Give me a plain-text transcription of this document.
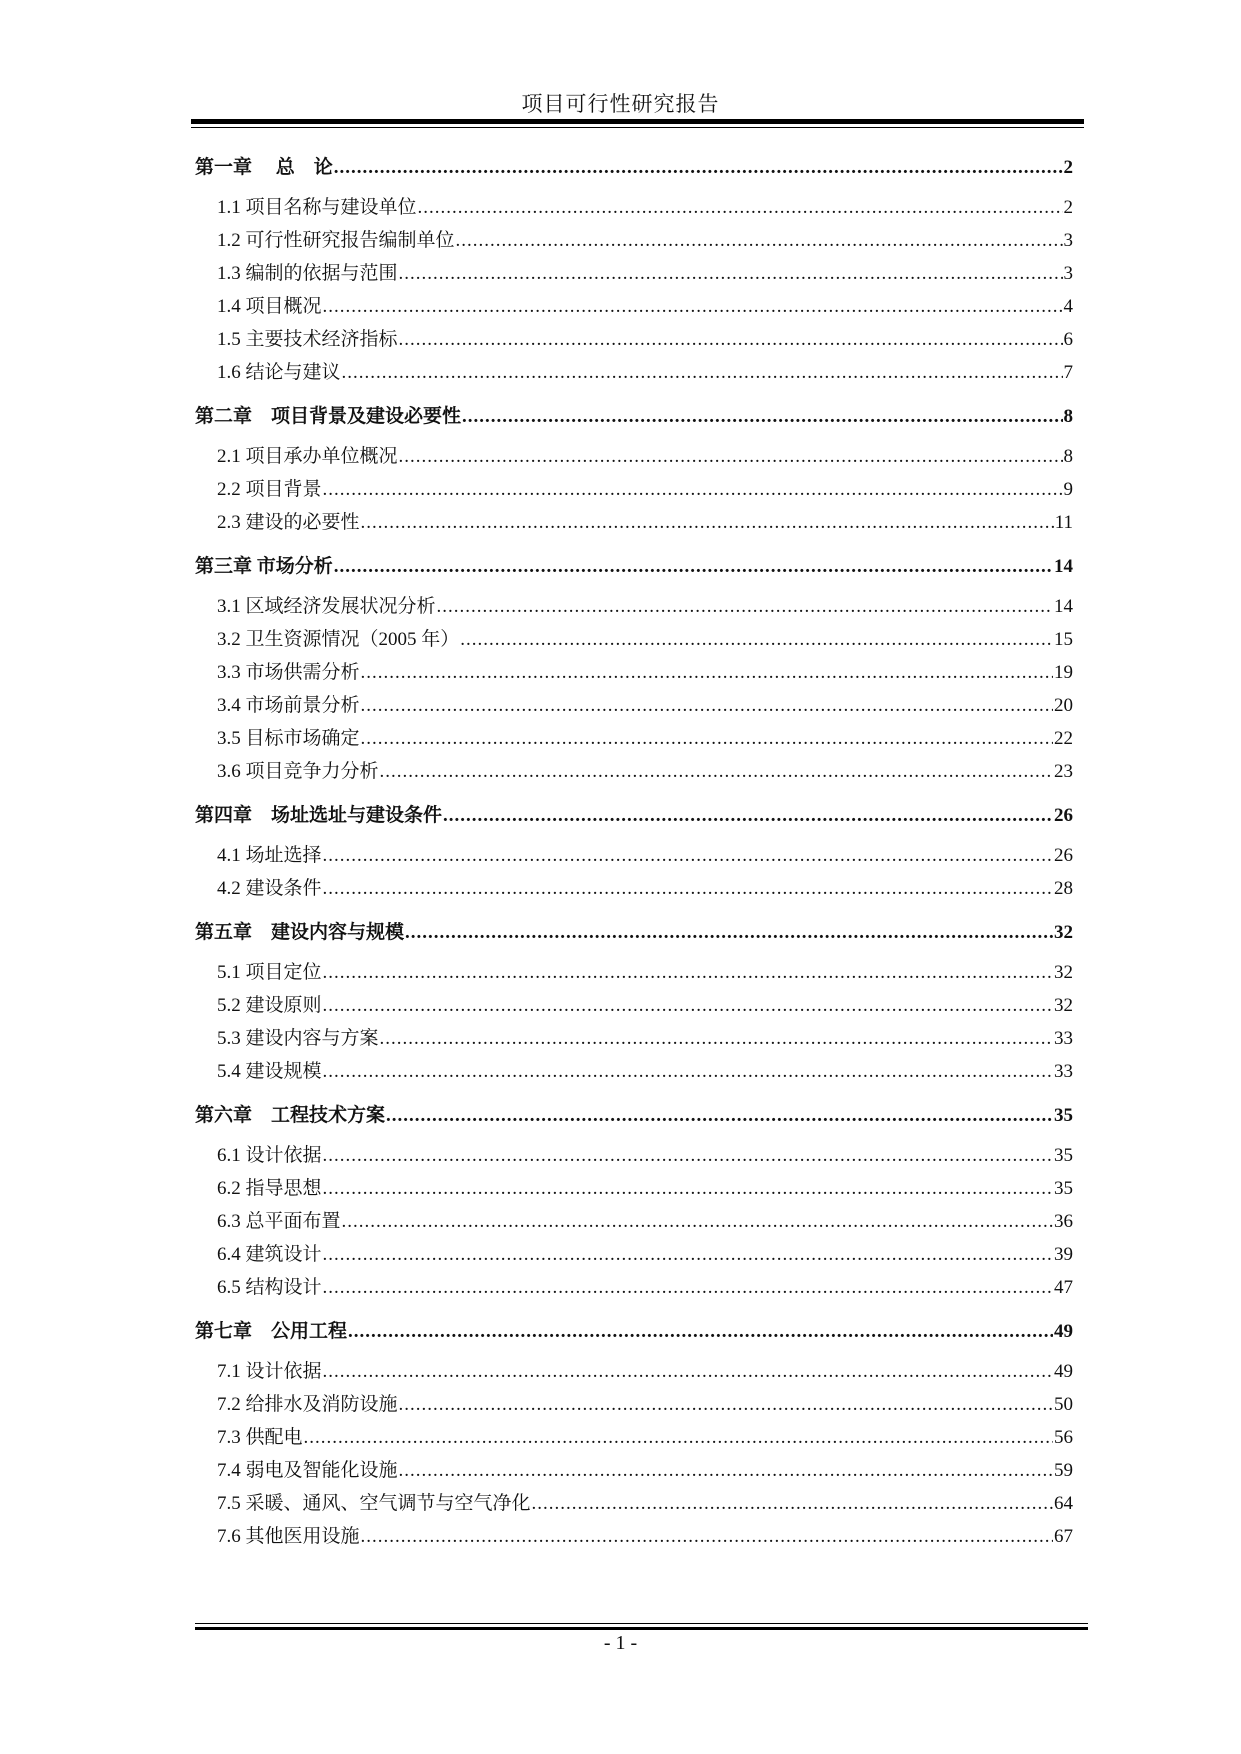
项目可行性研究报告
第一章　 总　论 .....	2
1.1 项目名称与建设单位 .....	2
1.2 可行性研究报告编制单位 .....	3
1.3 编制的依据与范围 .....	3
1.4 项目概况 .....	4
1.5 主要技术经济指标 .....	6
1.6 结论与建议 .....	7
第二章　项目背景及建设必要性 .....	8
2.1 项目承办单位概况 .....	8
2.2 项目背景 .....	9
2.3 建设的必要性 .....	11
第三章 市场分析 .....	14
3.1 区域经济发展状况分析 .....	14
3.2 卫生资源情况（2005 年） .....	15
3.3 市场供需分析 .....	19
3.4 市场前景分析 .....	20
3.5 目标市场确定 .....	22
3.6 项目竞争力分析 .....	23
第四章　场址选址与建设条件 .....	26
4.1 场址选择 .....	26
4.2 建设条件 .....	28
第五章　建设内容与规模 .....	32
5.1 项目定位 .....	32
5.2 建设原则 .....	32
5.3 建设内容与方案 .....	33
5.4 建设规模 .....	33
第六章　工程技术方案 .....	35
6.1 设计依据 .....	35
6.2 指导思想 .....	35
6.3 总平面布置 .....	36
6.4 建筑设计 .....	39
6.5 结构设计 .....	47
第七章　公用工程 .....	49
7.1 设计依据 .....	49
7.2 给排水及消防设施 .....	50
7.3 供配电 .....	56
7.4 弱电及智能化设施 .....	59
7.5 采暖、通风、空气调节与空气净化 .....	64
7.6 其他医用设施 .....	67
- 1 -
